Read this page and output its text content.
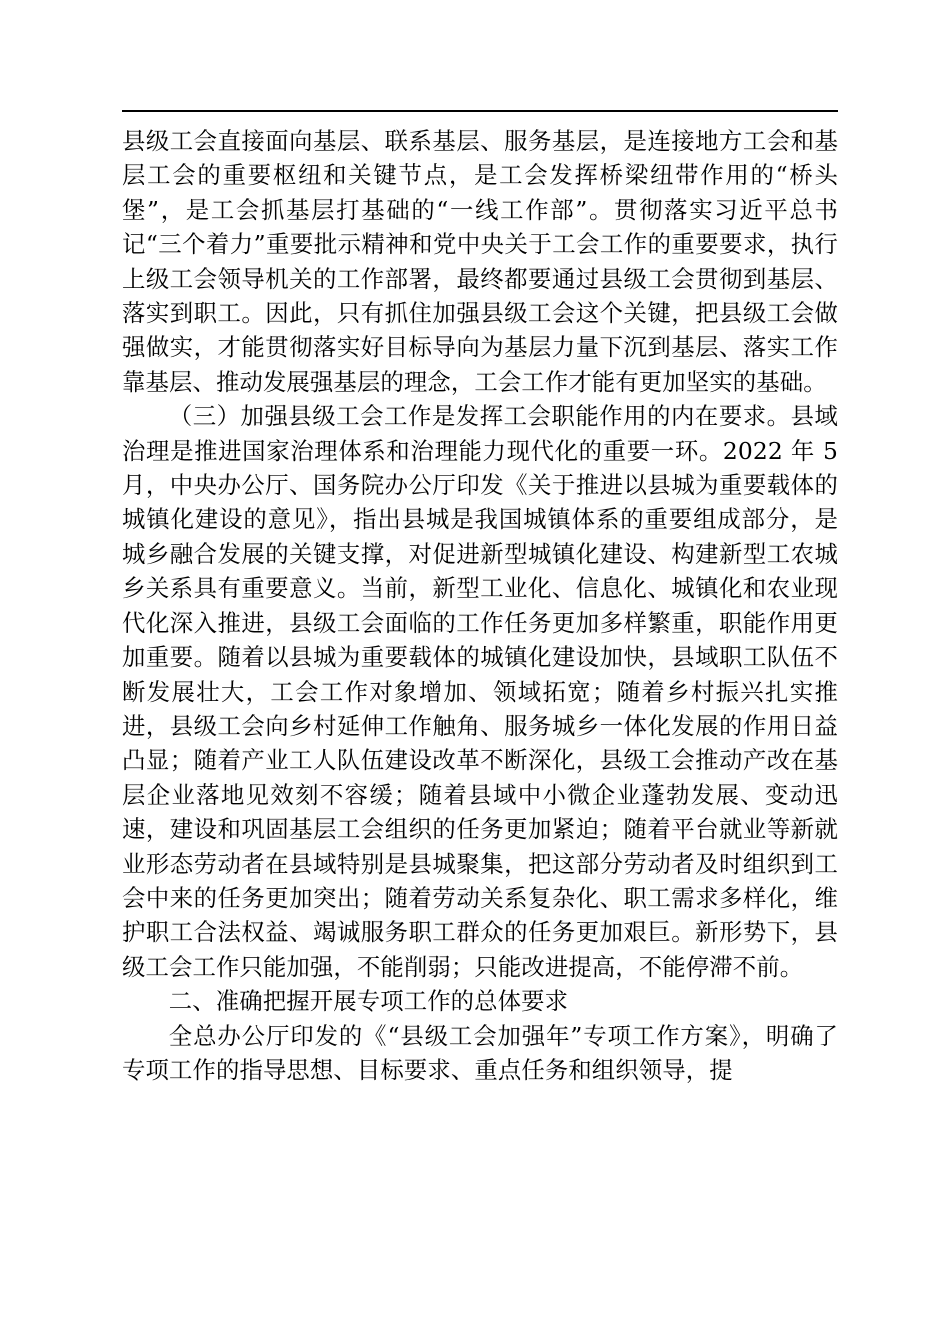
县级工会直接面向基层、联系基层、服务基层，是连接地方工会和基层工会的重要枢纽和关键节点，是工会发挥桥梁纽带作用的“桥头堡”，是工会抓基层打基础的“一线工作部”。贯彻落实习近平总书记“三个着力”重要批示精神和党中央关于工会工作的重要要求，执行上级工会领导机关的工作部署，最终都要通过县级工会贯彻到基层、落实到职工。因此，只有抓住加强县级工会这个关键，把县级工会做强做实，才能贯彻落实好目标导向为基层力量下沉到基层、落实工作靠基层、推动发展强基层的理念，工会工作才能有更加坚实的基础。

（三）加强县级工会工作是发挥工会职能作用的内在要求。县域治理是推进国家治理体系和治理能力现代化的重要一环。2022 年 5 月，中央办公厅、国务院办公厅印发《关于推进以县城为重要载体的城镇化建设的意见》，指出县城是我国城镇体系的重要组成部分，是城乡融合发展的关键支撑，对促进新型城镇化建设、构建新型工农城乡关系具有重要意义。当前，新型工业化、信息化、城镇化和农业现代化深入推进，县级工会面临的工作任务更加多样繁重，职能作用更加重要。随着以县城为重要载体的城镇化建设加快，县域职工队伍不断发展壮大，工会工作对象增加、领域拓宽；随着乡村振兴扎实推进，县级工会向乡村延伸工作触角、服务城乡一体化发展的作用日益凸显；随着产业工人队伍建设改革不断深化，县级工会推动产改在基层企业落地见效刻不容缓；随着县域中小微企业蓬勃发展、变动迅速，建设和巩固基层工会组织的任务更加紧迫；随着平台就业等新就业形态劳动者在县域特别是县城聚集，把这部分劳动者及时组织到工会中来的任务更加突出；随着劳动关系复杂化、职工需求多样化，维护职工合法权益、竭诚服务职工群众的任务更加艰巨。新形势下，县级工会工作只能加强，不能削弱；只能改进提高，不能停滞不前。

二、准确把握开展专项工作的总体要求

全总办公厅印发的《“县级工会加强年”专项工作方案》，明确了专项工作的指导思想、目标要求、重点任务和组织领导，提
